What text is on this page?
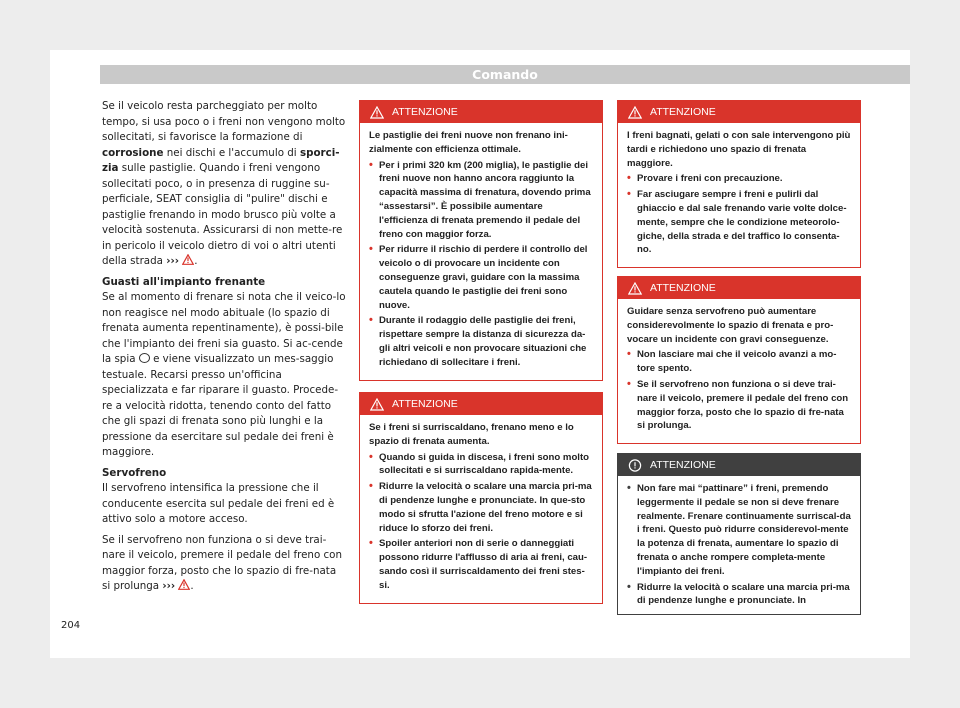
Comando

Se il veicolo resta parcheggiato per molto tempo, si usa poco o i freni non vengono molto sollecitati, si favorisce la formazione di corrosione nei dischi e l'accumulo di sporci-zia sulle pastiglie. Quando i freni vengono sollecitati poco, o in presenza di ruggine su-perficiale, SEAT consiglia di "pulire" dischi e pastiglie frenando in modo brusco più volte a velocità sostenuta. Assicurarsi di non mette-re in pericolo il veicolo dietro di voi o altri utenti della strada ››› .

Guasti all'impianto frenante

Se al momento di frenare si nota che il veico-lo non reagisce nel modo abituale (lo spazio di frenata aumenta repentinamente), è possi-bile che l'impianto dei freni sia guasto. Si ac-cende la spia  e viene visualizzato un mes-saggio testuale. Recarsi presso un'officina specializzata e far riparare il guasto. Procede-re a velocità ridotta, tenendo conto del fatto che gli spazi di frenata sono più lunghi e la pressione da esercitare sul pedale dei freni è maggiore.

Servofreno

Il servofreno intensifica la pressione che il conducente esercita sul pedale dei freni ed è attivo solo a motore acceso.

Se il servofreno non funziona o si deve trai-nare il veicolo, premere il pedale del freno con maggior forza, posto che lo spazio di fre-nata si prolunga ››› .

ATTENZIONE

Le pastiglie dei freni nuove non frenano ini-zialmente con efficienza ottimale.

• Per i primi 320 km (200 miglia), le pastiglie dei freni nuove non hanno ancora raggiunto la capacità massima di frenatura, dovendo prima “assestarsi”. È possibile aumentare l'efficienza di frenata premendo il pedale del freno con maggior forza.
• Per ridurre il rischio di perdere il controllo del veicolo o di provocare un incidente con conseguenze gravi, guidare con la massima cautela quando le pastiglie dei freni sono nuove.
• Durante il rodaggio delle pastiglie dei freni, rispettare sempre la distanza di sicurezza da-gli altri veicoli e non provocare situazioni che richiedano di sollecitare i freni.
ATTENZIONE

Se i freni si surriscaldano, frenano meno e lo spazio di frenata aumenta.

• Quando si guida in discesa, i freni sono molto sollecitati e si surriscaldano rapida-mente.
• Ridurre la velocità o scalare una marcia pri-ma di pendenze lunghe e pronunciate. In que-sto modo si sfrutta l'azione del freno motore e si riduce lo sforzo dei freni.
• Spoiler anteriori non di serie o danneggiati possono ridurre l'afflusso di aria ai freni, cau-sando così il surriscaldamento dei freni stes-si.
ATTENZIONE

I freni bagnati, gelati o con sale intervengono più tardi e richiedono uno spazio di frenata maggiore.

• Provare i freni con precauzione.
• Far asciugare sempre i freni e pulirli dal ghiaccio e dal sale frenando varie volte dolce-mente, sempre che le condizione meteorolo-giche, della strada e del traffico lo consenta-no.
ATTENZIONE

Guidare senza servofreno può aumentare considerevolmente lo spazio di frenata e pro-vocare un incidente con gravi conseguenze.

• Non lasciare mai che il veicolo avanzi a mo-tore spento.
• Se il servofreno non funziona o si deve trai-nare il veicolo, premere il pedale del freno con maggior forza, posto che lo spazio di fre-nata si prolunga.
ATTENZIONE
• Non fare mai “pattinare” i freni, premendo leggermente il pedale se non si deve frenare realmente. Frenare continuamente surriscal-da i freni. Questo può ridurre considerevol-mente la potenza di frenata, aumentare lo spazio di frenata o anche rompere completa-mente l'impianto dei freni.
• Ridurre la velocità o scalare una marcia pri-ma di pendenze lunghe e pronunciate. In
204
